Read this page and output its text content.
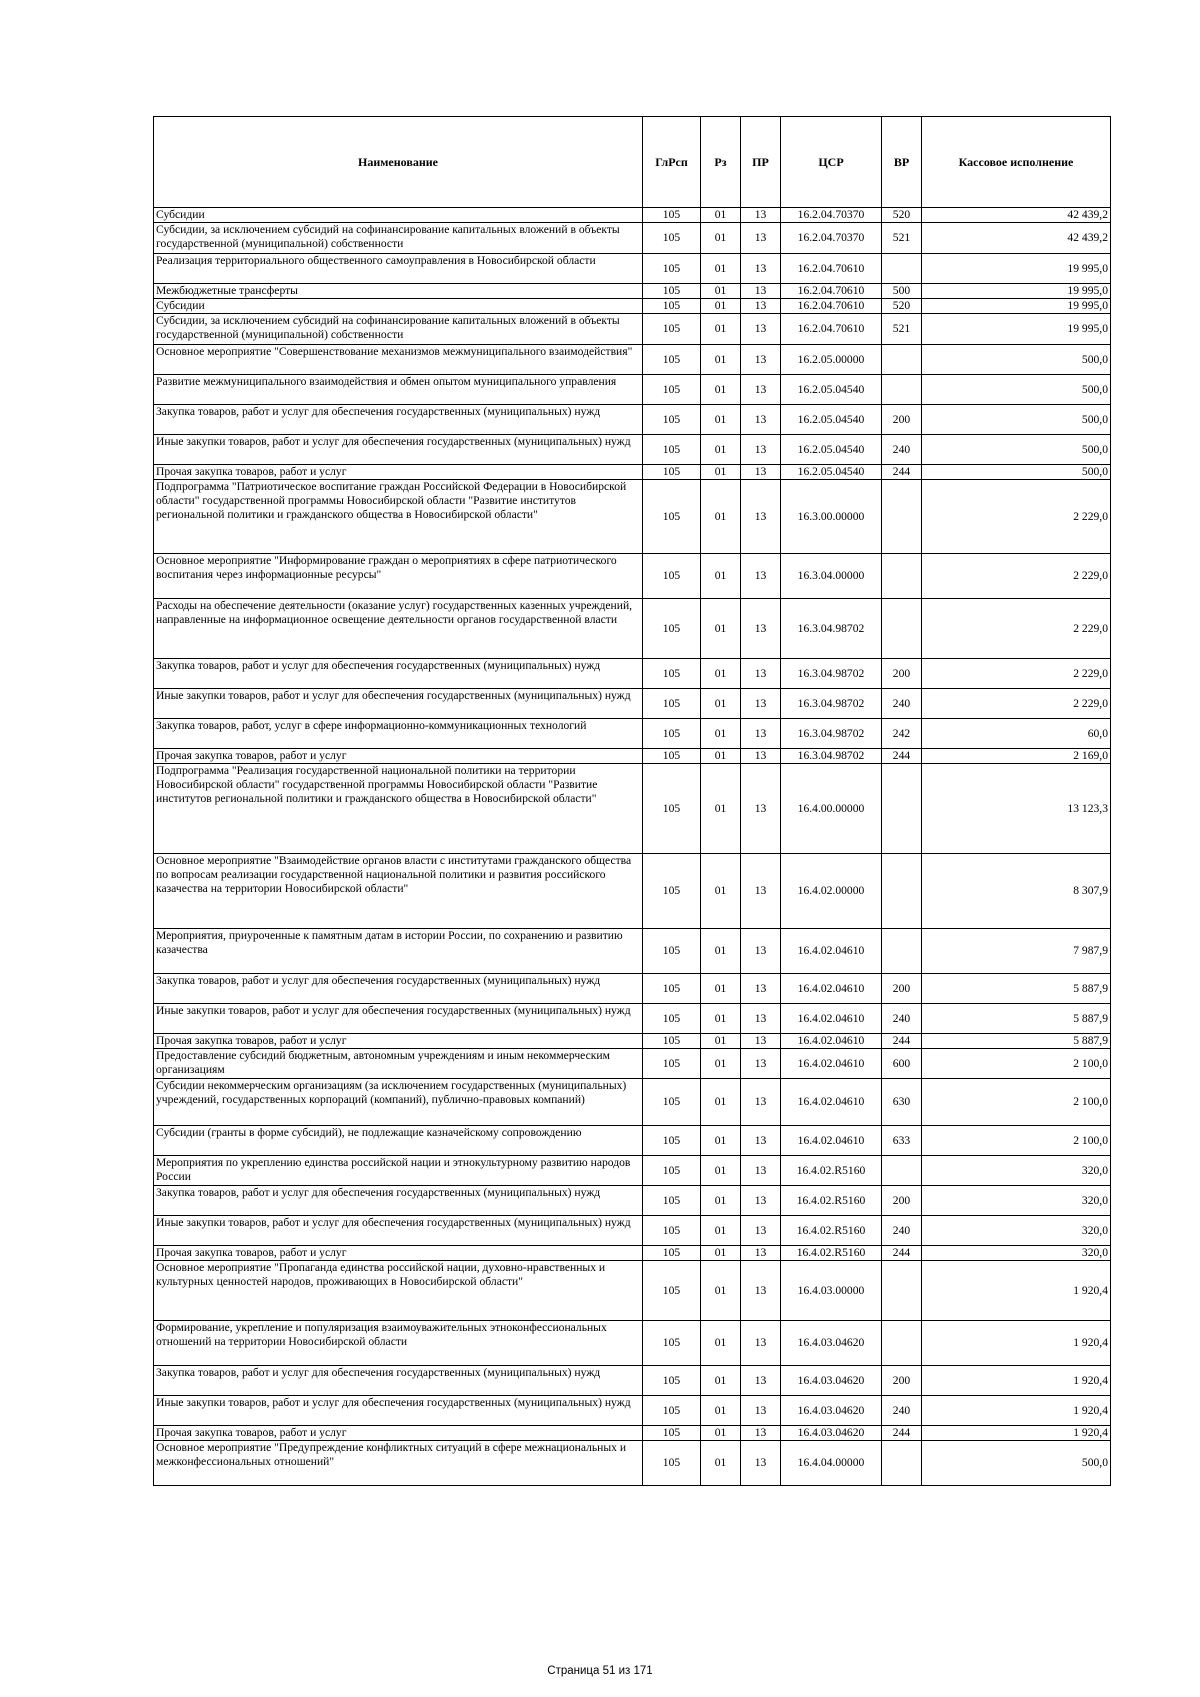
Наименование	ГлРсп	Рз	ПР	ЦСР	ВР	Кассовое исполнение
Субсидии	105	01	13	16.2.04.70370	520	42 439,2
Субсидии, за исключением субсидий на софинансирование капитальных вложений в объекты государственной (муниципальной) собственности	105	01	13	16.2.04.70370	521	42 439,2
Реализация территориального общественного самоуправления в Новосибирской области	105	01	13	16.2.04.70610		19 995,0
Межбюджетные трансферты	105	01	13	16.2.04.70610	500	19 995,0
Субсидии	105	01	13	16.2.04.70610	520	19 995,0
Субсидии, за исключением субсидий на софинансирование капитальных вложений в объекты государственной (муниципальной) собственности	105	01	13	16.2.04.70610	521	19 995,0
Основное мероприятие "Совершенствование механизмов межмуниципального взаимодействия"	105	01	13	16.2.05.00000		500,0
Развитие межмуниципального взаимодействия и обмен опытом муниципального управления	105	01	13	16.2.05.04540		500,0
Закупка товаров, работ и услуг для обеспечения государственных (муниципальных) нужд	105	01	13	16.2.05.04540	200	500,0
Иные закупки товаров, работ и услуг для обеспечения государственных (муниципальных) нужд	105	01	13	16.2.05.04540	240	500,0
Прочая закупка товаров, работ и услуг	105	01	13	16.2.05.04540	244	500,0
Подпрограмма "Патриотическое воспитание граждан Российской Федерации в Новосибирской области" государственной программы Новосибирской области "Развитие институтов региональной политики и гражданского общества в Новосибирской области"	105	01	13	16.3.00.00000		2 229,0
Основное мероприятие "Информирование граждан о мероприятиях в сфере патриотического воспитания через информационные ресурсы"	105	01	13	16.3.04.00000		2 229,0
Расходы на обеспечение деятельности (оказание услуг) государственных казенных учреждений, направленные на информационное освещение деятельности органов государственной власти	105	01	13	16.3.04.98702		2 229,0
Закупка товаров, работ и услуг для обеспечения государственных (муниципальных) нужд	105	01	13	16.3.04.98702	200	2 229,0
Иные закупки товаров, работ и услуг для обеспечения государственных (муниципальных) нужд	105	01	13	16.3.04.98702	240	2 229,0
Закупка товаров, работ, услуг в сфере информационно-коммуникационных технологий	105	01	13	16.3.04.98702	242	60,0
Прочая закупка товаров, работ и услуг	105	01	13	16.3.04.98702	244	2 169,0
Подпрограмма "Реализация государственной национальной политики на территории Новосибирской области" государственной программы Новосибирской области "Развитие институтов региональной политики и гражданского общества в Новосибирской области"	105	01	13	16.4.00.00000		13 123,3
Основное мероприятие "Взаимодействие органов власти с институтами гражданского общества по вопросам реализации государственной национальной политики и развития российского казачества на территории Новосибирской области"	105	01	13	16.4.02.00000		8 307,9
Мероприятия, приуроченные к памятным датам в истории России, по сохранению и развитию казачества	105	01	13	16.4.02.04610		7 987,9
Закупка товаров, работ и услуг для обеспечения государственных (муниципальных) нужд	105	01	13	16.4.02.04610	200	5 887,9
Иные закупки товаров, работ и услуг для обеспечения государственных (муниципальных) нужд	105	01	13	16.4.02.04610	240	5 887,9
Прочая закупка товаров, работ и услуг	105	01	13	16.4.02.04610	244	5 887,9
Предоставление субсидий бюджетным, автономным учреждениям и иным некоммерческим организациям	105	01	13	16.4.02.04610	600	2 100,0
Субсидии некоммерческим организациям (за исключением государственных (муниципальных) учреждений, государственных корпораций (компаний), публично-правовых компаний)	105	01	13	16.4.02.04610	630	2 100,0
Субсидии (гранты в форме субсидий), не подлежащие казначейскому сопровождению	105	01	13	16.4.02.04610	633	2 100,0
Мероприятия по укреплению единства российской нации и этнокультурному развитию народов России	105	01	13	16.4.02.R5160		320,0
Закупка товаров, работ и услуг для обеспечения государственных (муниципальных) нужд	105	01	13	16.4.02.R5160	200	320,0
Иные закупки товаров, работ и услуг для обеспечения государственных (муниципальных) нужд	105	01	13	16.4.02.R5160	240	320,0
Прочая закупка товаров, работ и услуг	105	01	13	16.4.02.R5160	244	320,0
Основное мероприятие "Пропаганда единства российской нации, духовно-нравственных и культурных ценностей народов, проживающих в Новосибирской области"	105	01	13	16.4.03.00000		1 920,4
Формирование, укрепление и популяризация взаимоуважительных этноконфессиональных отношений на территории Новосибирской области	105	01	13	16.4.03.04620		1 920,4
Закупка товаров, работ и услуг для обеспечения государственных (муниципальных) нужд	105	01	13	16.4.03.04620	200	1 920,4
Иные закупки товаров, работ и услуг для обеспечения государственных (муниципальных) нужд	105	01	13	16.4.03.04620	240	1 920,4
Прочая закупка товаров, работ и услуг	105	01	13	16.4.03.04620	244	1 920,4
Основное мероприятие "Предупреждение конфликтных ситуаций в сфере межнациональных и межконфессиональных отношений"	105	01	13	16.4.04.00000		500,0
Страница 51 из 171
